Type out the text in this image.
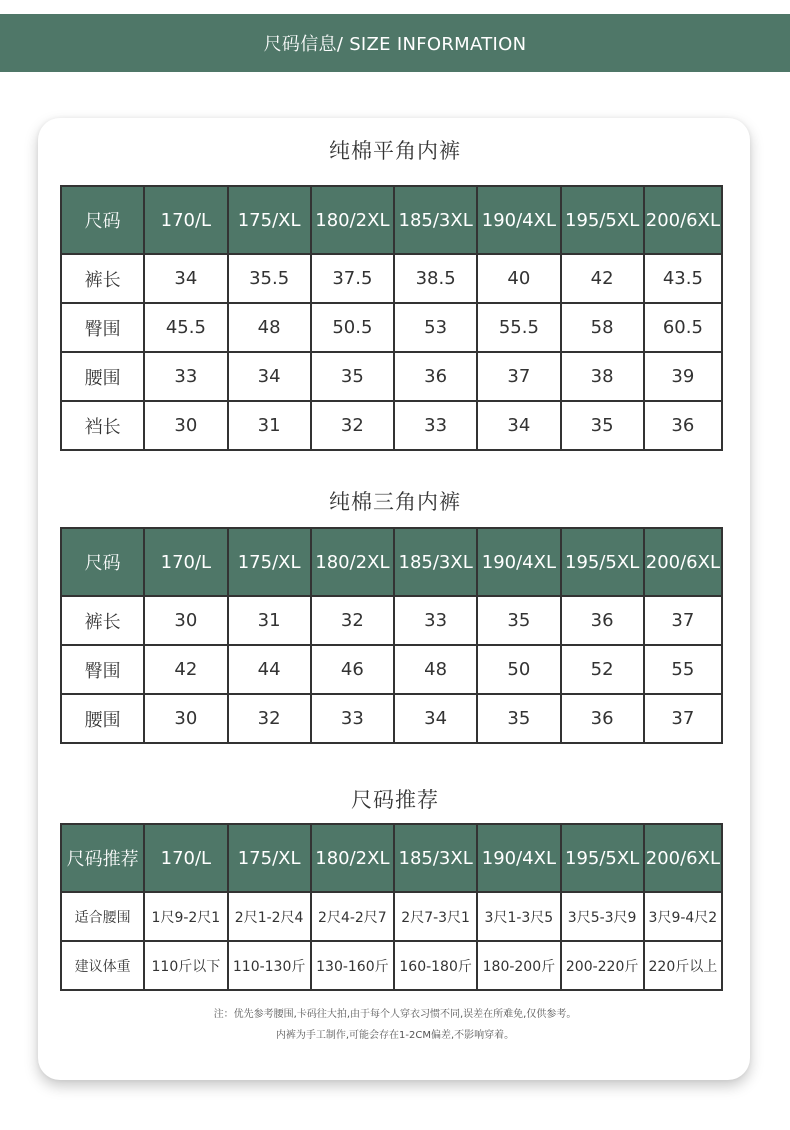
尺码信息/ SIZE INFORMATION
纯棉平角内裤
尺码	170/L	175/XL	180/2XL	185/3XL	190/4XL	195/5XL	200/6XL
裤长	34	35.5	37.5	38.5	40	42	43.5
臀围	45.5	48	50.5	53	55.5	58	60.5
腰围	33	34	35	36	37	38	39
裆长	30	31	32	33	34	35	36
纯棉三角内裤
尺码	170/L	175/XL	180/2XL	185/3XL	190/4XL	195/5XL	200/6XL
裤长	30	31	32	33	35	36	37
臀围	42	44	46	48	50	52	55
腰围	30	32	33	34	35	36	37
尺码推荐
尺码推荐	170/L	175/XL	180/2XL	185/3XL	190/4XL	195/5XL	200/6XL
适合腰围	1尺9-2尺1	2尺1-2尺4	2尺4-2尺7	2尺7-3尺1	3尺1-3尺5	3尺5-3尺9	3尺9-4尺2
建议体重	110斤以下	110-130斤	130-160斤	160-180斤	180-200斤	200-220斤	220斤以上
注：优先参考腰围,卡码往大拍,由于每个人穿衣习惯不同,误差在所难免,仅供参考。
内裤为手工制作,可能会存在1-2CM偏差,不影响穿着。
